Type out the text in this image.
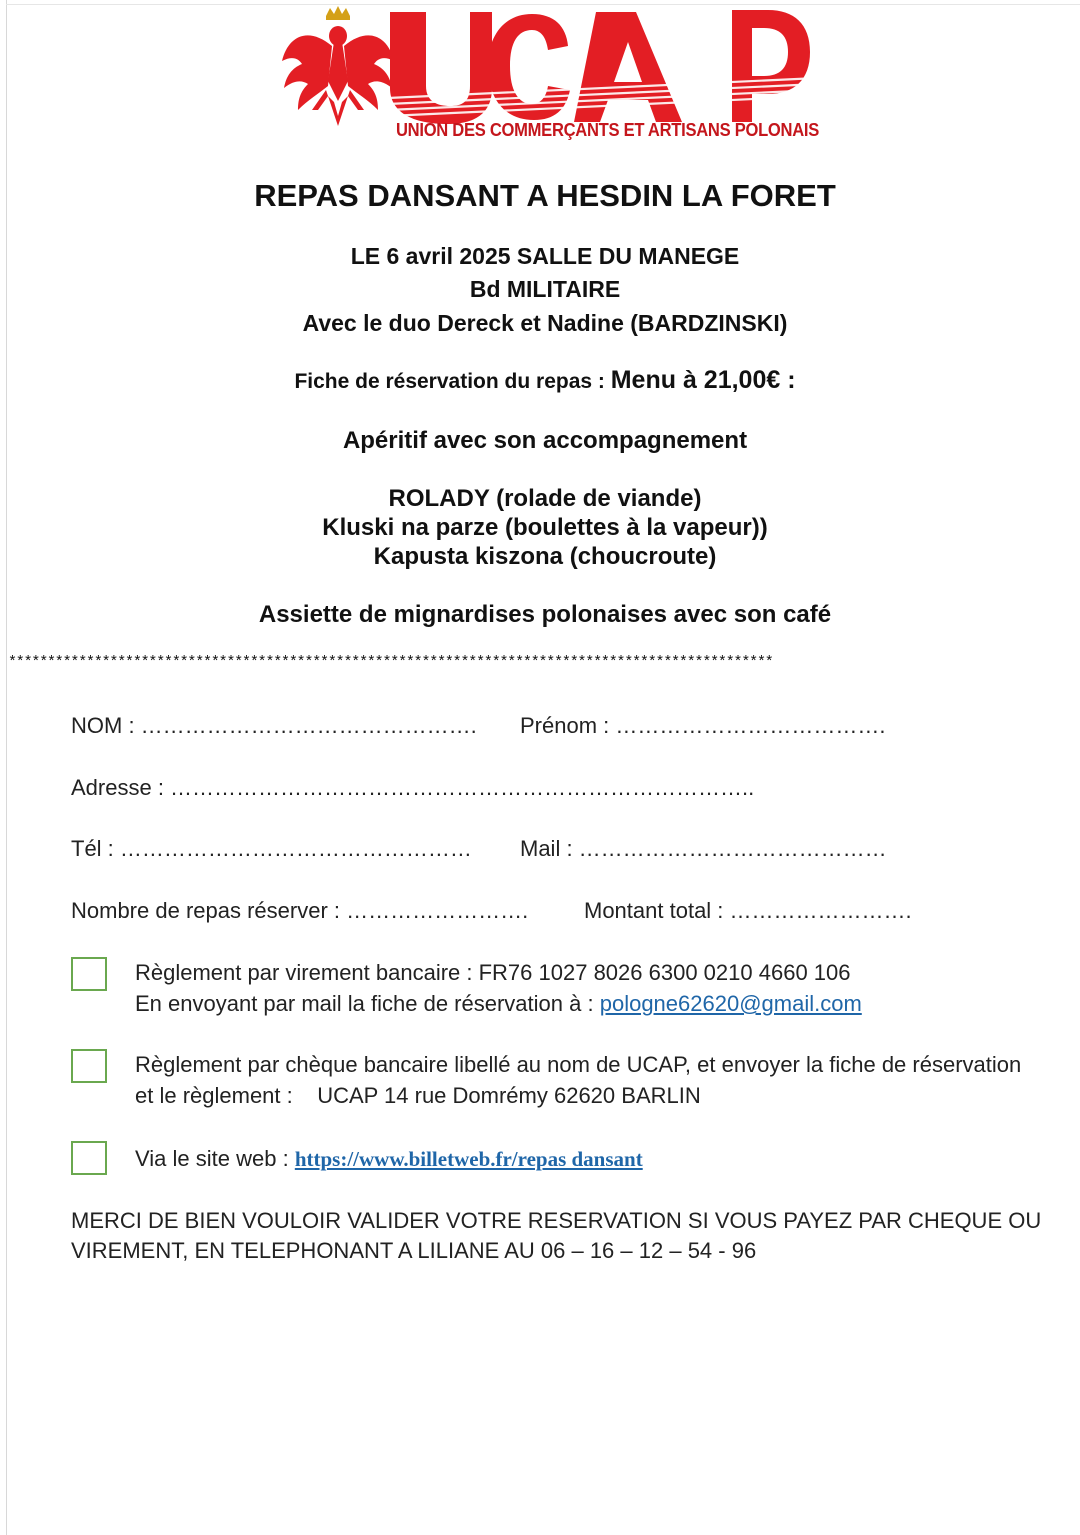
UNION DES COMMERÇANTS ET ARTISANS POLONAIS
REPAS DANSANT A HESDIN LA FORET
LE 6 avril 2025 SALLE DU MANEGE
Bd MILITAIRE
Avec le duo Dereck et Nadine (BARDZINSKI)
Fiche de réservation du repas : Menu à 21,00€ :
Apéritif avec son accompagnement
ROLADY (rolade de viande)
Kluski na parze (boulettes à la vapeur))
Kapusta kiszona (choucroute)
Assiette de mignardises polonaises avec son café
**************************************************************************************************
NOM : ………………………………………. Prénom : ……………………………….
Adresse : ……………………………………………………………………..
Tél : ………………………………………… Mail : ……………………………………
Nombre de repas réserver : …………………….	Montant total : …………………….
Règlement par virement bancaire : FR76 1027 8026 6300 0210 4660 106
En envoyant par mail la fiche de réservation à : pologne62620@gmail.com
Règlement par chèque bancaire libellé au nom de UCAP, et envoyer la fiche de réservation
et le règlement :    UCAP 14 rue Domrémy 62620 BARLIN
Via le site web : https://www.billetweb.fr/repas dansant
MERCI DE BIEN VOULOIR VALIDER VOTRE RESERVATION SI VOUS PAYEZ PAR CHEQUE OU
VIREMENT, EN TELEPHONANT A LILIANE AU 06 – 16 – 12 – 54 - 96
